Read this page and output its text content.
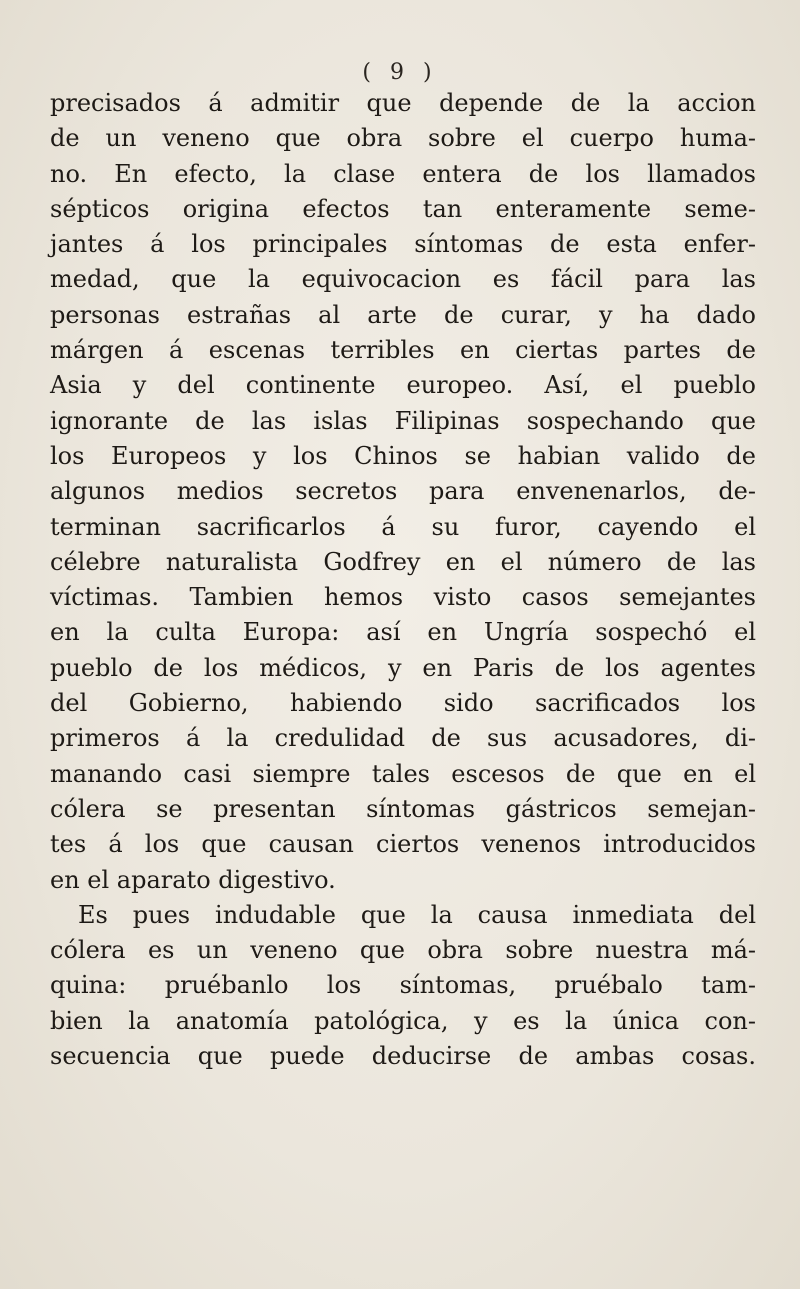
( 9 )
precisados á admitir que depende de la accion
de un veneno que obra sobre el cuerpo huma-
no. En efecto, la clase entera de los llamados
sépticos origina efectos tan enteramente seme-
jantes á los principales síntomas de esta enfer-
medad, que la equivocacion es fácil para las
personas estrañas al arte de curar, y ha dado
márgen á escenas terribles en ciertas partes de
Asia y del continente europeo. Así, el pueblo
ignorante de las islas Filipinas sospechando que
los Europeos y los Chinos se habian valido de
algunos medios secretos para envenenarlos, de-
terminan sacrificarlos á su furor, cayendo el
célebre naturalista Godfrey en el número de las
víctimas. Tambien hemos visto casos semejantes
en la culta Europa: así en Ungría sospechó el
pueblo de los médicos, y en Paris de los agentes
del Gobierno, habiendo sido sacrificados los
primeros á la credulidad de sus acusadores, di-
manando casi siempre tales escesos de que en el
cólera se presentan síntomas gástricos semejan-
tes á los que causan ciertos venenos introducidos
en el aparato digestivo.
Es pues indudable que la causa inmediata del
cólera es un veneno que obra sobre nuestra má-
quina: pruébanlo los síntomas, pruébalo tam-
bien la anatomía patológica, y es la única con-
secuencia que puede deducirse de ambas cosas.
